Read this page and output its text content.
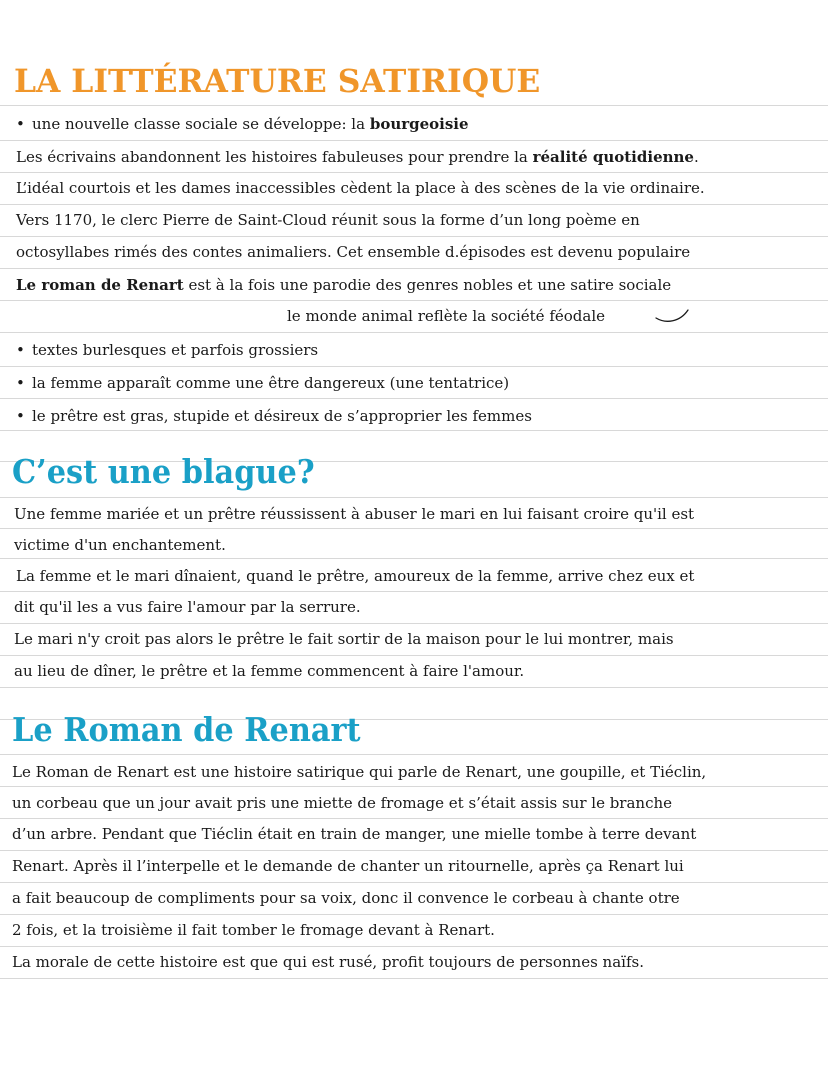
LA LITTÉRATURE SATIRIQUE
• une nouvelle classe sociale se développe: la bourgeoisie
Les écrivains abandonnent les histoires fabuleuses pour prendre la réalité quotidienne.
L’idéal courtois et les dames inaccessibles cèdent la place à des scènes de la vie ordinaire.
Vers 1170, le clerc Pierre de Saint-Cloud réunit sous la forme d’un long poème en
octosyllabes rimés des contes animaliers. Cet ensemble d.épisodes est devenu populaire
Le roman de Renart est à la fois une parodie des genres nobles et une satire sociale
le monde animal reflète la société féodale
• textes burlesques et parfois grossiers
• la femme apparaît comme une être dangereux (une tentatrice)
• le prêtre est gras, stupide et désireux de s’approprier les femmes
C’est une blague?
Une femme mariée et un prêtre réussissent à abuser le mari en lui faisant croire qu'il est
victime d'un enchantement.
La femme et le mari dînaient, quand le prêtre, amoureux de la femme, arrive chez eux et
dit qu'il les a vus faire l'amour par la serrure.
Le mari n'y croit pas alors le prêtre le fait sortir de la maison pour le lui montrer, mais
au lieu de dîner, le prêtre et la femme commencent à faire l'amour.
Le Roman de Renart
Le Roman de Renart est une histoire satirique qui parle de Renart, une goupille, et Tiéclin,
un corbeau que un jour avait pris une miette de fromage et s’était assis sur le branche
d’un arbre. Pendant que Tiéclin était en train de manger, une mielle tombe à terre devant
Renart. Après il l’interpelle et le demande de chanter un ritournelle, après ça Renart lui
a fait beaucoup de compliments pour sa voix, donc il convence le corbeau à chante otre
2 fois, et la troisième il fait tomber le fromage devant à Renart.
La morale de cette histoire est que qui est rusé, profit toujours de personnes naïfs.
